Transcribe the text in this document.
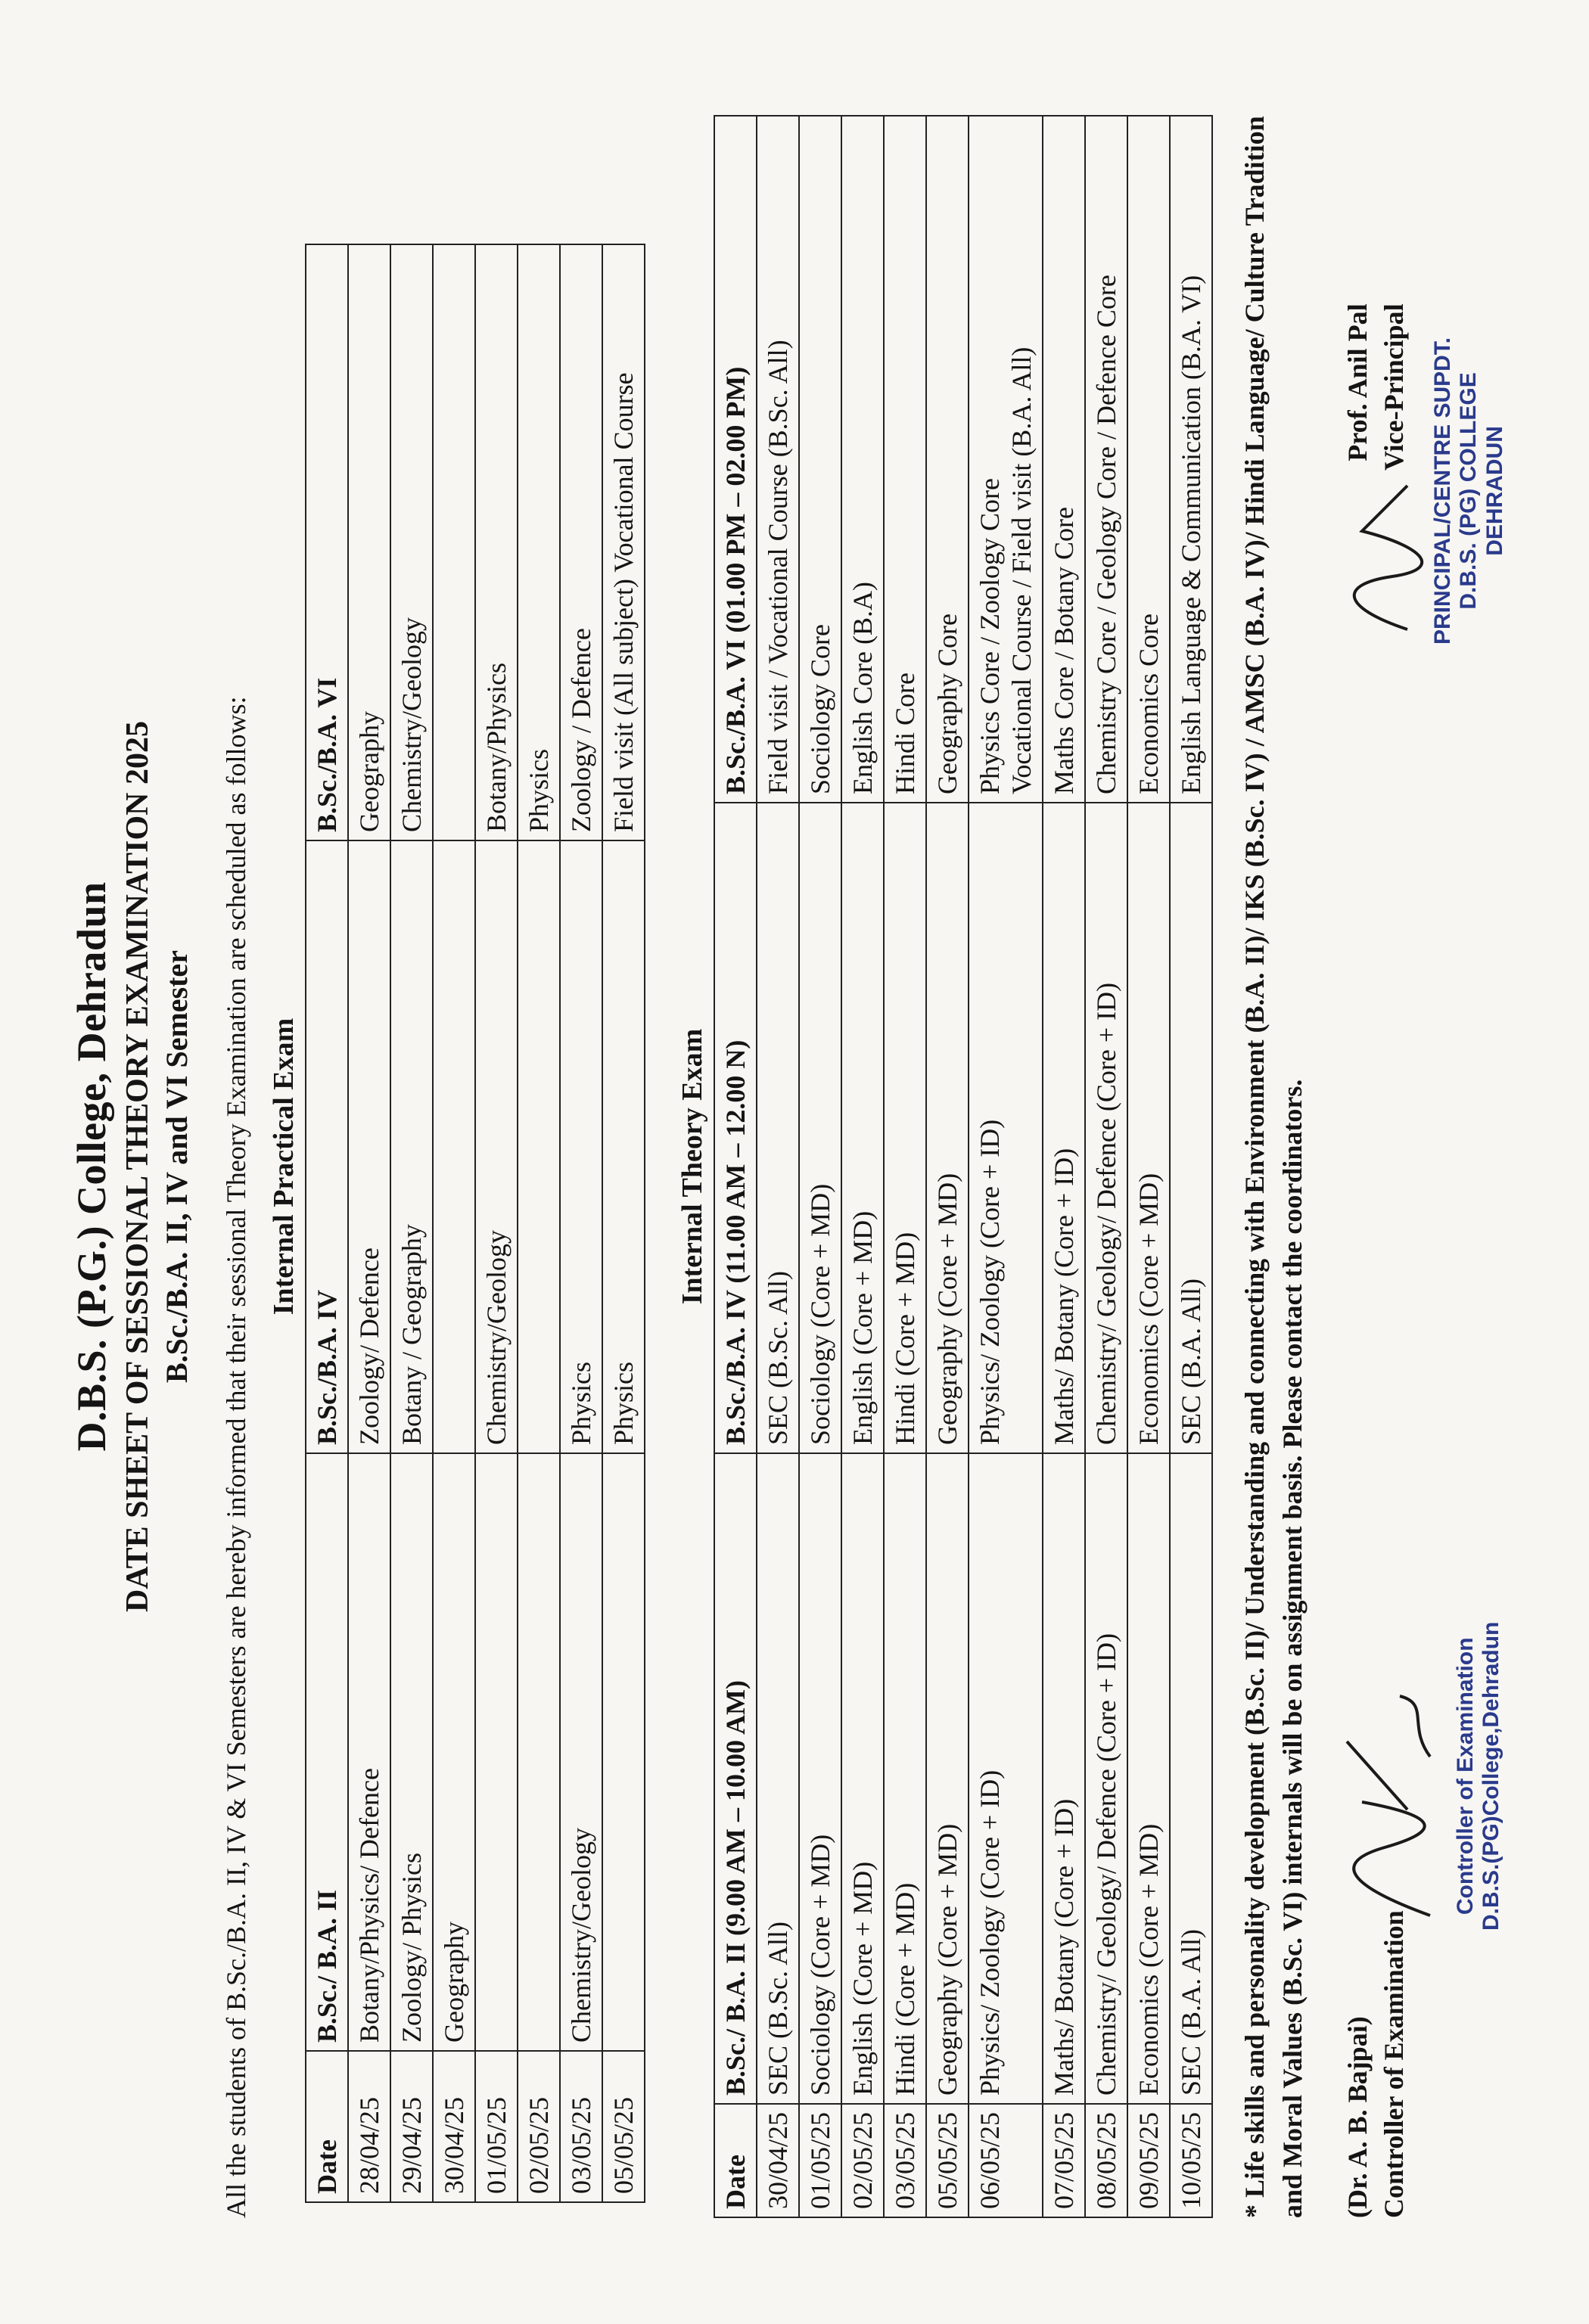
D.B.S. (P.G.) College, Dehradun DATE SHEET OF SESSIONAL THEORY EXAMINATION 2025 B.Sc./B.A. II, IV and VI Semester All the students of B.Sc./B.A. II, IV & VI Semesters are hereby informed that their sessional Theory Examination are scheduled as follows: Internal Practical Exam
Date	B.Sc./ B.A. II	B.Sc./B.A. IV	B.Sc./B.A. VI
28/04/25	Botany/Physics/ Defence	Zoology/ Defence	Geography
29/04/25	Zoology/ Physics	Botany / Geography	Chemistry/Geology
30/04/25	Geography		
01/05/25		Chemistry/Geology	Botany/Physics
02/05/25			Physics
03/05/25	Chemistry/Geology	Physics	Zoology / Defence
05/05/25		Physics	Field visit (All subject) Vocational Course
Internal Theory Exam
Date	B.Sc./ B.A. II (9.00 AM – 10.00 AM)	B.Sc./B.A. IV (11.00 AM – 12.00 N)	B.Sc./B.A. VI (01.00 PM – 02.00 PM)
30/04/25	SEC (B.Sc. All)	SEC (B.Sc. All)	Field visit / Vocational Course (B.Sc. All)
01/05/25	Sociology (Core + MD)	Sociology (Core + MD)	Sociology Core
02/05/25	English (Core + MD)	English (Core + MD)	English Core (B.A)
03/05/25	Hindi (Core + MD)	Hindi (Core + MD)	Hindi Core
05/05/25	Geography (Core + MD)	Geography (Core + MD)	Geography Core
06/05/25	Physics/ Zoology (Core + ID)	Physics/ Zoology (Core + ID)	Physics Core / Zoology Core
Vocational Course / Field visit (B.A. All)
07/05/25	Maths/ Botany (Core + ID)	Maths/ Botany (Core + ID)	Maths Core / Botany Core
08/05/25	Chemistry/ Geology/ Defence (Core + ID)	Chemistry/ Geology/ Defence (Core + ID)	Chemistry Core / Geology Core / Defence Core
09/05/25	Economics (Core + MD)	Economics (Core + MD)	Economics Core
10/05/25	SEC (B.A. All)	SEC (B.A. All)	English Language & Communication (B.A. VI) * Life skills and personality development (B.Sc. II)/ Understanding and connecting with Environment (B.A. II)/ IKS (B.Sc. IV) / AMSC (B.A. IV)/ Hindi Language/ Culture Tradition and Moral Values (B.Sc. VI) internals will be on assignment basis. Please contact the coordinators. (Dr. A. B. Bajpai) Controller of Examination
Controller of Examination D.B.S.(PG)College,Dehradun
Prof. Anil Pal Vice-Principal PRINCIPAL/CENTRE SUPDT. D.B.S. (PG) COLLEGE DEHRADUN
